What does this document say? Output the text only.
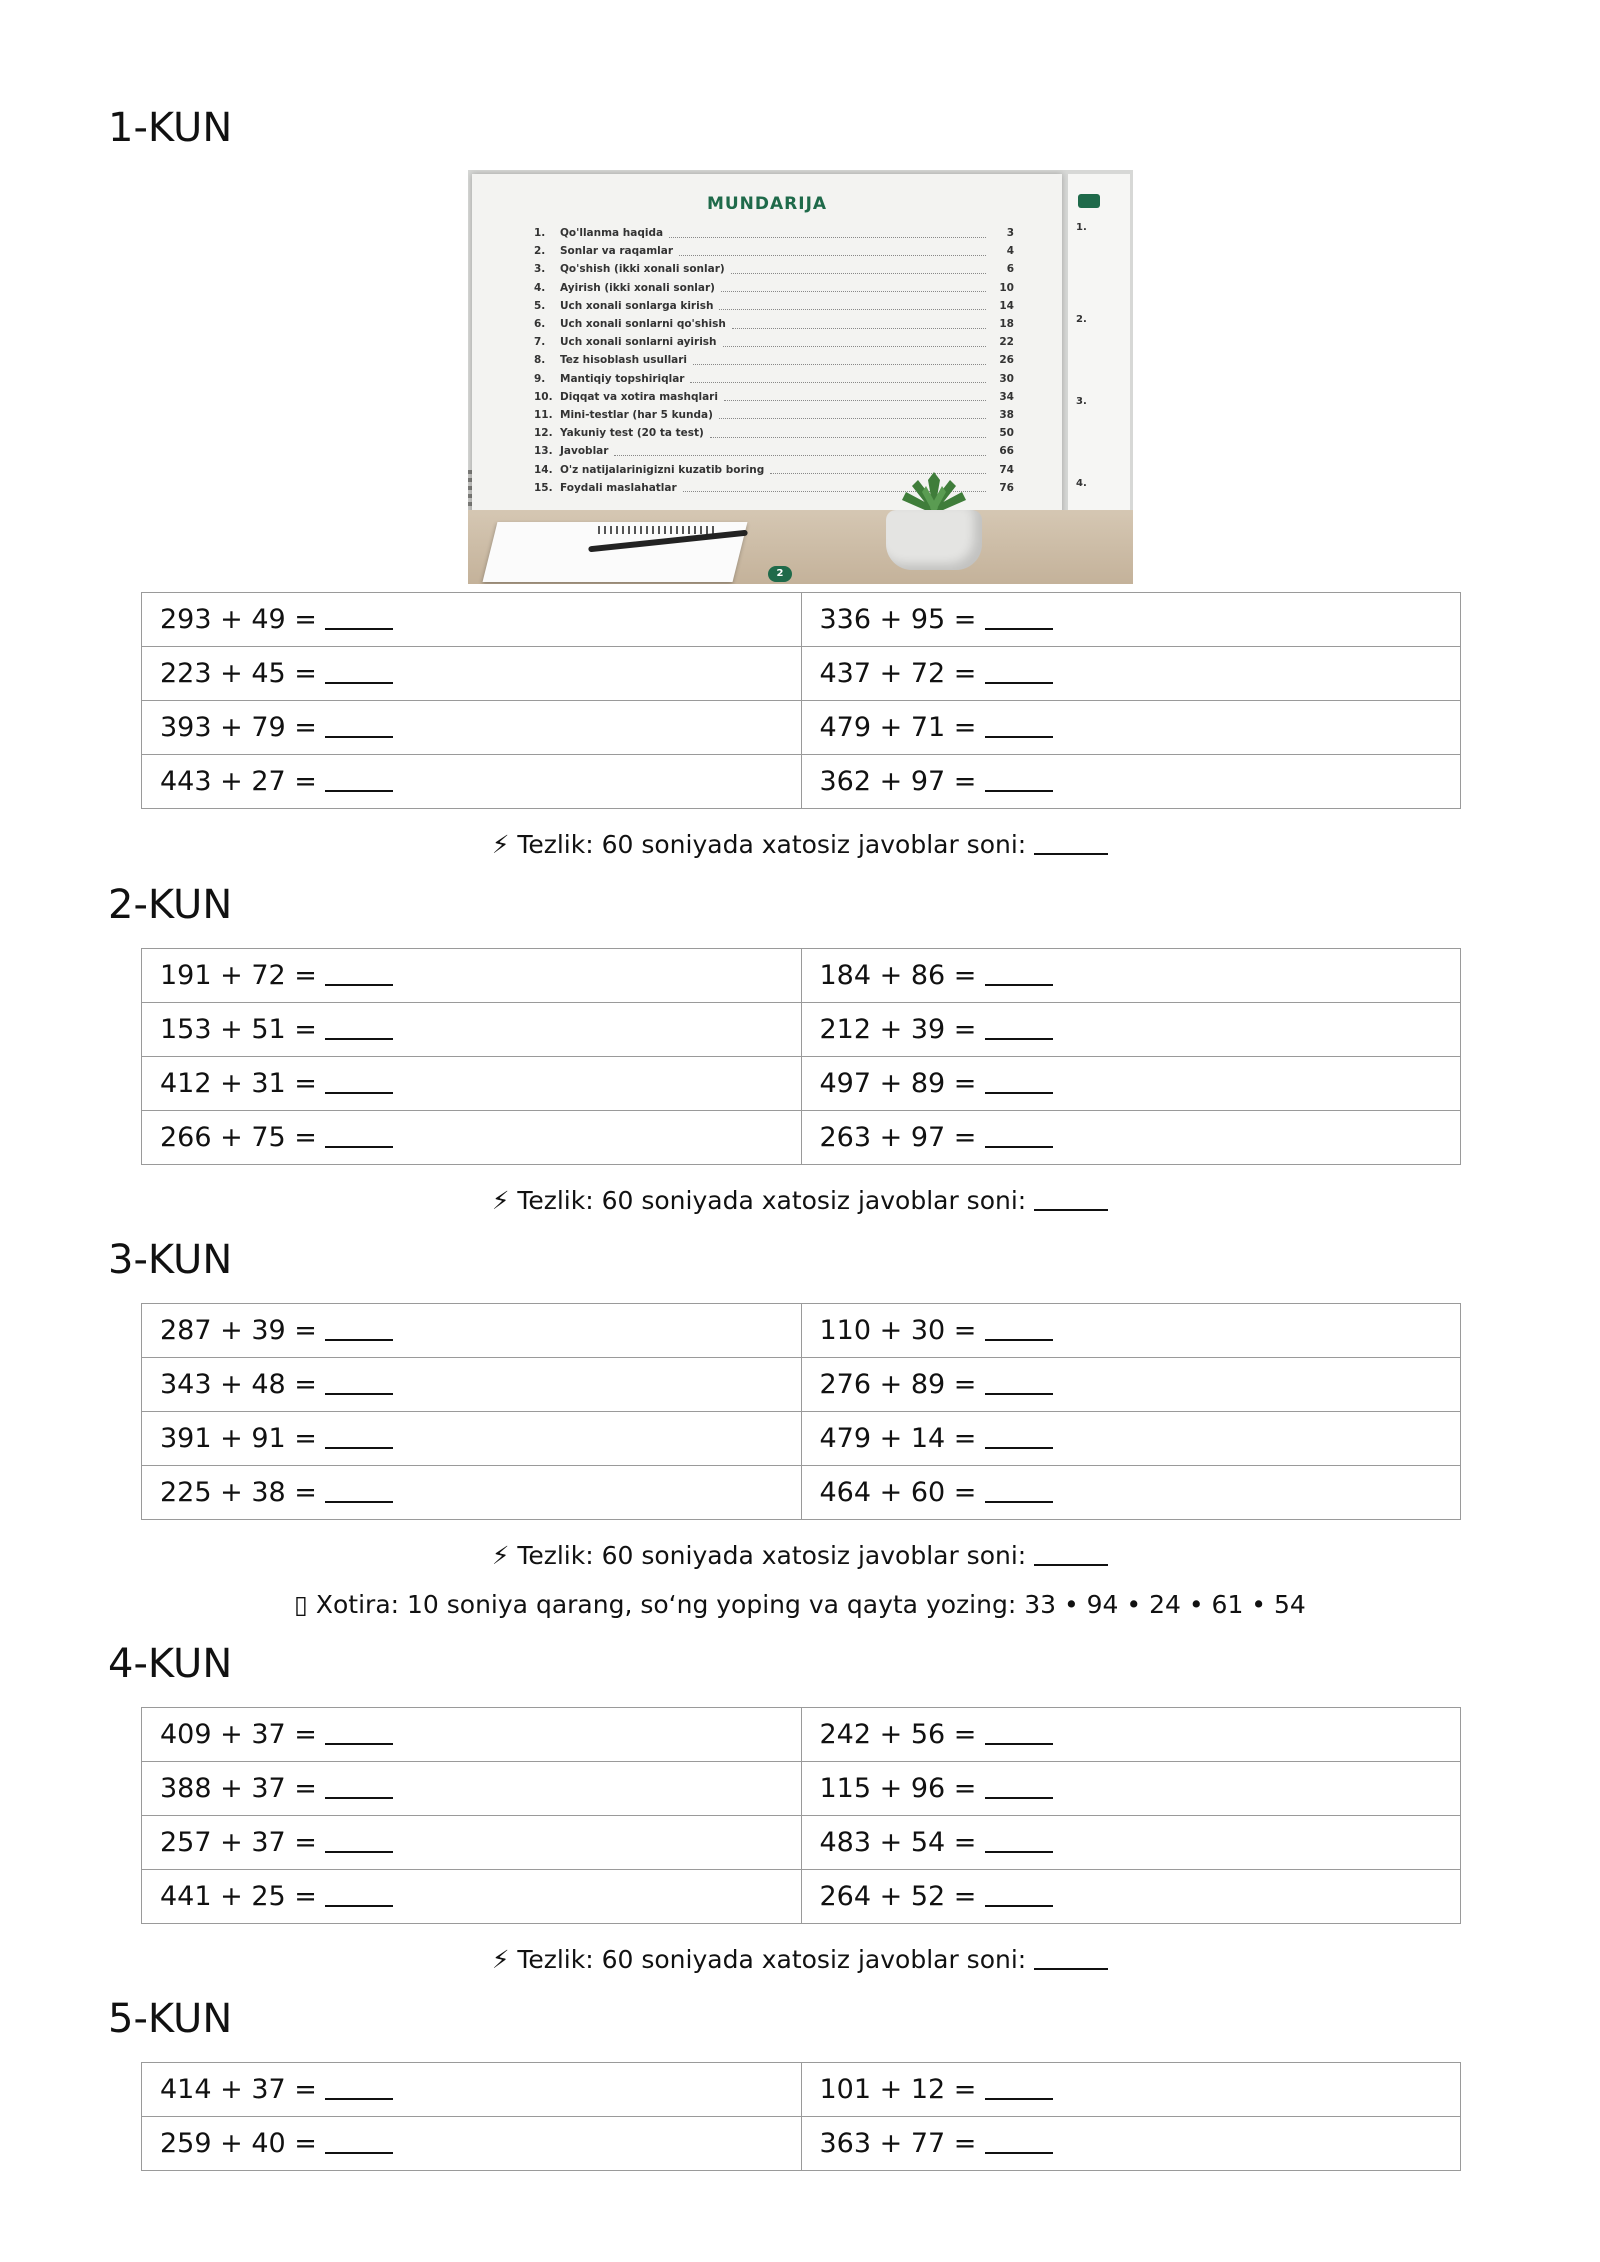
1-KUN
MUNDARIJA
1.	Qo'llanma haqida	3
2.	Sonlar va raqamlar	4
3.	Qo'shish (ikki xonali sonlar)	6
4.	Ayirish (ikki xonali sonlar)	10
5.	Uch xonali sonlarga kirish	14
6.	Uch xonali sonlarni qo'shish	18
7.	Uch xonali sonlarni ayirish	22
8.	Tez hisoblash usullari	26
9.	Mantiqiy topshiriqlar	30
10. Diqqat va xotira mashqlari	34
11. Mini-testlar (har 5 kunda)	38
12. Yakuniy test (20 ta test)	50
13. Javoblar	66
14. O'z natijalarinigizni kuzatib boring	74
15. Foydali maslahatlar	76
1.
2.
3.
4.
2
293 + 49 =	336 + 95 =
223 + 45 =	437 + 72 =
393 + 79 =	479 + 71 =
443 + 27 =	362 + 97 =
⚡ Tezlik: 60 soniyada xatosiz javoblar soni:
2-KUN
191 + 72 =	184 + 86 =
153 + 51 =	212 + 39 =
412 + 31 =	497 + 89 =
266 + 75 =	263 + 97 =
⚡ Tezlik: 60 soniyada xatosiz javoblar soni:
3-KUN
287 + 39 =	110 + 30 =
343 + 48 =	276 + 89 =
391 + 91 =	479 + 14 =
225 + 38 =	464 + 60 =
⚡ Tezlik: 60 soniyada xatosiz javoblar soni:
▯ Xotira: 10 soniya qarang, so‘ng yoping va qayta yozing: 33 • 94 • 24 • 61 • 54
4-KUN
409 + 37 =	242 + 56 =
388 + 37 =	115 + 96 =
257 + 37 =	483 + 54 =
441 + 25 =	264 + 52 =
⚡ Tezlik: 60 soniyada xatosiz javoblar soni:
5-KUN
414 + 37 =	101 + 12 =
259 + 40 =	363 + 77 =
